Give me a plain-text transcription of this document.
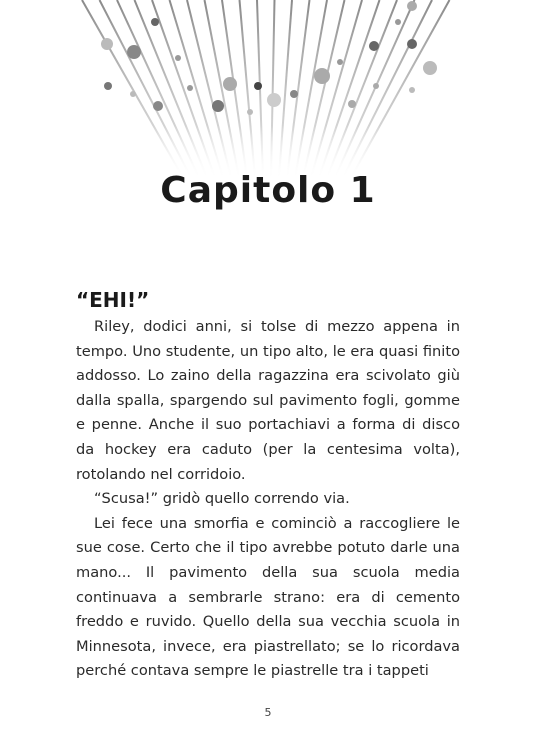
Capitolo 1
“EHI!”

Riley, dodici anni, si tolse di mezzo appena in tempo. Uno studente, un tipo alto, le era quasi finito addosso. Lo zaino della ragazzina era scivolato giù dalla spalla, spargendo sul pavimento fogli, gomme e penne. Anche il suo portachiavi a forma di disco da hockey era caduto (per la centesima volta), rotolando nel corridoio.

“Scusa!” gridò quello correndo via.

Lei fece una smorfia e cominciò a raccogliere le sue cose. Certo che il tipo avrebbe potuto darle una mano... Il pavimento della sua scuola media continuava a sembrarle strano: era di cemento freddo e ruvido. Quello della sua vecchia scuola in Minnesota, invece, era piastrellato; se lo ricordava perché contava sempre le piastrelle tra i tappeti

5
